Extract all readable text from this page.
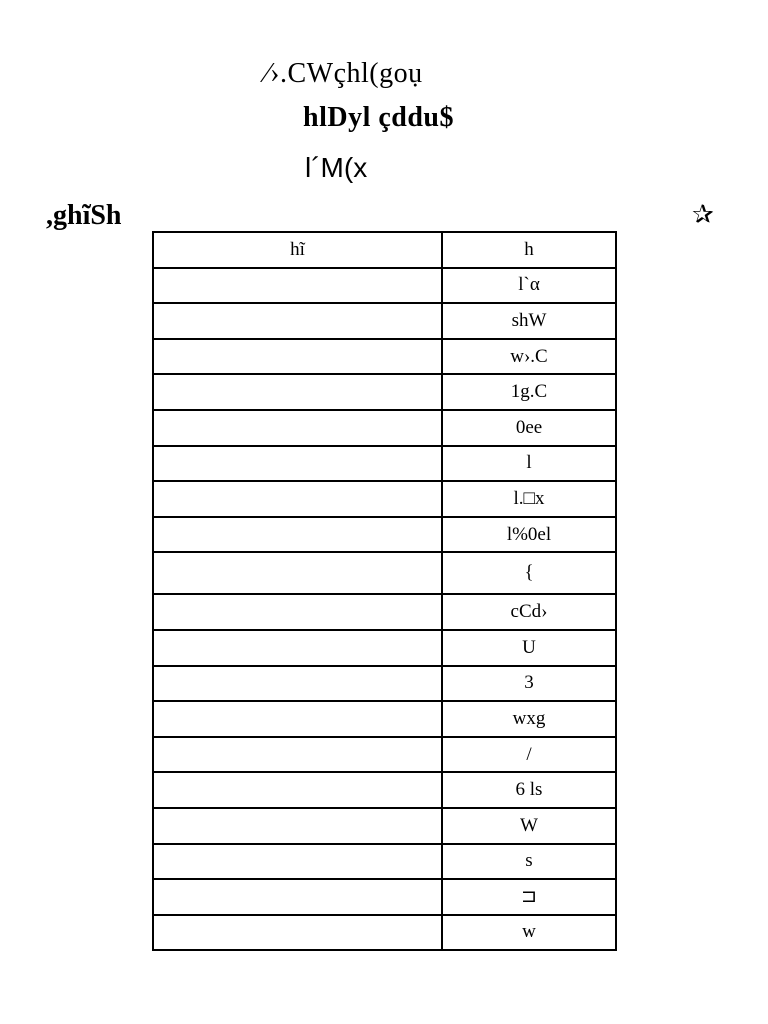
⁄›.CWçhl(goụ
hlDyl çddu$
l´M(x
,ghĩSh	✰
hĩ	h
	l`α
	shW
	w›.C
	1g.C
	0ee
	l
	l.□x
	l%0el
	{
	cCd›
	U
	3
	wxg
	/
	6 ls
	W
	s
	⊐
	w
